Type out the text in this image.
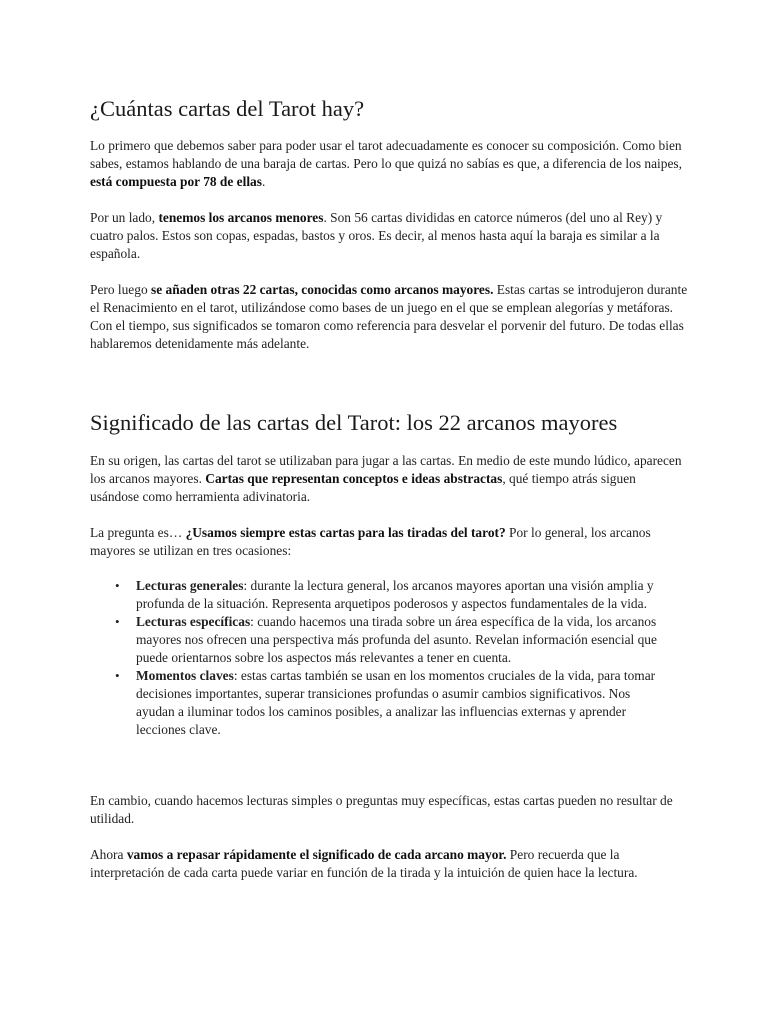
¿Cuántas cartas del Tarot hay?

Lo primero que debemos saber para poder usar el tarot adecuadamente es conocer su composición. Como bien sabes, estamos hablando de una baraja de cartas. Pero lo que quizá no sabías es que, a diferencia de los naipes, está compuesta por 78 de ellas.

Por un lado, tenemos los arcanos menores. Son 56 cartas divididas en catorce números (del uno al Rey) y cuatro palos. Estos son copas, espadas, bastos y oros. Es decir, al menos hasta aquí la baraja es similar a la española.

Pero luego se añaden otras 22 cartas, conocidas como arcanos mayores. Estas cartas se introdujeron durante el Renacimiento en el tarot, utilizándose como bases de un juego en el que se emplean alegorías y metáforas. Con el tiempo, sus significados se tomaron como referencia para desvelar el porvenir del futuro. De todas ellas hablaremos detenidamente más adelante.

Significado de las cartas del Tarot: los 22 arcanos mayores

En su origen, las cartas del tarot se utilizaban para jugar a las cartas. En medio de este mundo lúdico, aparecen los arcanos mayores. Cartas que representan conceptos e ideas abstractas, qué tiempo atrás siguen usándose como herramienta adivinatoria.

La pregunta es… ¿Usamos siempre estas cartas para las tiradas del tarot? Por lo general, los arcanos mayores se utilizan en tres ocasiones:

• Lecturas generales: durante la lectura general, los arcanos mayores aportan una visión amplia y profunda de la situación. Representa arquetipos poderosos y aspectos fundamentales de la vida.
• Lecturas específicas: cuando hacemos una tirada sobre un área específica de la vida, los arcanos mayores nos ofrecen una perspectiva más profunda del asunto. Revelan información esencial que puede orientarnos sobre los aspectos más relevantes a tener en cuenta.
• Momentos claves: estas cartas también se usan en los momentos cruciales de la vida, para tomar decisiones importantes, superar transiciones profundas o asumir cambios significativos. Nos ayudan a iluminar todos los caminos posibles, a analizar las influencias externas y aprender lecciones clave.

En cambio, cuando hacemos lecturas simples o preguntas muy específicas, estas cartas pueden no resultar de utilidad.

Ahora vamos a repasar rápidamente el significado de cada arcano mayor. Pero recuerda que la interpretación de cada carta puede variar en función de la tirada y la intuición de quien hace la lectura.
